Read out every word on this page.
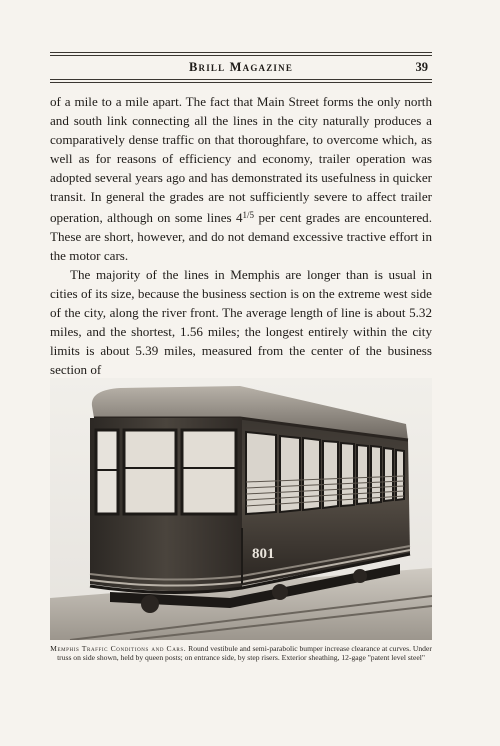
Brill Magazine	39

of a mile to a mile apart. The fact that Main Street forms the only north and south link connecting all the lines in the city naturally produces a comparatively dense traffic on that thoroughfare, to overcome which, as well as for reasons of efficiency and economy, trailer operation was adopted several years ago and has demonstrated its usefulness in quicker transit. In general the grades are not sufficiently severe to affect trailer operation, although on some lines $4^{1/5}$ per cent grades are encountered. These are short, however, and do not demand excessive tractive effort in the motor cars.

The majority of the lines in Memphis are longer than is usual in cities of its size, because the business section is on the extreme west side of the city, along the river front. The average length of line is about 5.32 miles, and the shortest, 1.56 miles; the longest entirely within the city limits is about 5.39 miles, measured from the center of the business section of

801
Memphis Traffic Conditions and Cars. Round vestibule and semi-parabolic bumper increase clearance at curves. Under truss on side shown, held by queen posts; on entrance side, by step risers. Exterior sheathing, 12-gage "patent level steel"
